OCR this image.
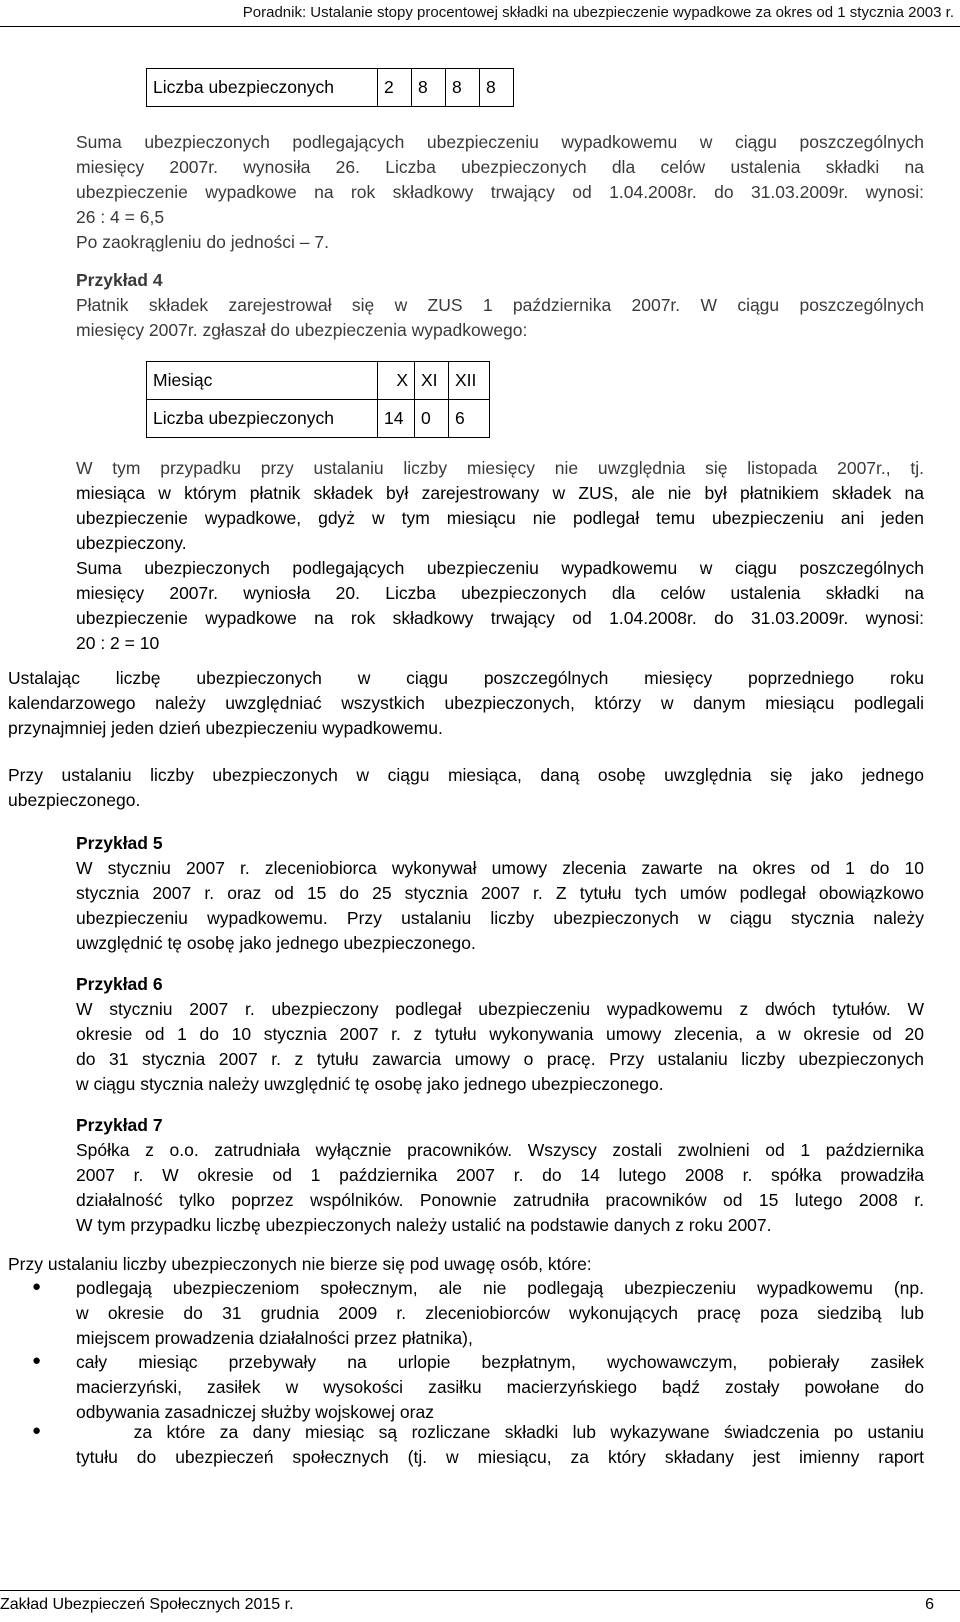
Poradnik: Ustalanie stopy procentowej składki na ubezpieczenie wypadkowe za okres od 1 stycznia 2003 r.
Liczba ubezpieczonych	2	8	8	8
Suma ubezpieczonych podlegających ubezpieczeniu wypadkowemu w ciągu poszczególnych
miesięcy 2007r. wynosiła 26. Liczba ubezpieczonych dla celów ustalenia składki na
ubezpieczenie wypadkowe na rok składkowy trwający od 1.04.2008r. do 31.03.2009r. wynosi:
26 : 4 = 6,5
Po zaokrągleniu do jedności – 7.
Przykład 4
Płatnik składek zarejestrował się w ZUS 1 października 2007r. W ciągu poszczególnych
miesięcy 2007r. zgłaszał do ubezpieczenia wypadkowego:
Miesiąc	X	XI	XII
Liczba ubezpieczonych	14	0	6
W tym przypadku przy ustalaniu liczby miesięcy nie uwzględnia się listopada 2007r., tj.
miesiąca w którym płatnik składek był zarejestrowany w ZUS, ale nie był płatnikiem składek na
ubezpieczenie wypadkowe, gdyż w tym miesiącu nie podlegał temu ubezpieczeniu ani jeden
ubezpieczony.
Suma ubezpieczonych podlegających ubezpieczeniu wypadkowemu w ciągu poszczególnych
miesięcy 2007r. wyniosła 20. Liczba ubezpieczonych dla celów ustalenia składki na
ubezpieczenie wypadkowe na rok składkowy trwający od 1.04.2008r. do 31.03.2009r. wynosi:
20 : 2 = 10
Ustalając liczbę ubezpieczonych w ciągu poszczególnych miesięcy poprzedniego roku
kalendarzowego należy uwzględniać wszystkich ubezpieczonych, którzy w danym miesiącu podlegali
przynajmniej jeden dzień ubezpieczeniu wypadkowemu.
Przy ustalaniu liczby ubezpieczonych w ciągu miesiąca, daną osobę uwzględnia się jako jednego
ubezpieczonego.
Przykład 5
W styczniu 2007 r. zleceniobiorca wykonywał umowy zlecenia zawarte na okres od 1 do 10
stycznia 2007 r. oraz od 15 do 25 stycznia 2007 r. Z tytułu tych umów podlegał obowiązkowo
ubezpieczeniu wypadkowemu. Przy ustalaniu liczby ubezpieczonych w ciągu stycznia należy
uwzględnić tę osobę jako jednego ubezpieczonego.
Przykład 6
W styczniu 2007 r. ubezpieczony podlegał ubezpieczeniu wypadkowemu z dwóch tytułów. W
okresie od 1 do 10 stycznia 2007 r. z tytułu wykonywania umowy zlecenia, a w okresie od 20
do 31 stycznia 2007 r. z tytułu zawarcia umowy o pracę. Przy ustalaniu liczby ubezpieczonych
w ciągu stycznia należy uwzględnić tę osobę jako jednego ubezpieczonego.
Przykład 7
Spółka z o.o. zatrudniała wyłącznie pracowników. Wszyscy zostali zwolnieni od 1 października
2007 r. W okresie od 1 października 2007 r. do 14 lutego 2008 r. spółka prowadziła
działalność tylko poprzez wspólników. Ponownie zatrudniła pracowników od 15 lutego 2008 r.
W tym przypadku liczbę ubezpieczonych należy ustalić na podstawie danych z roku 2007.
Przy ustalaniu liczby ubezpieczonych nie bierze się pod uwagę osób, które:
● podlegają ubezpieczeniom społecznym, ale nie podlegają ubezpieczeniu wypadkowemu (np.
w okresie do 31 grudnia 2009 r. zleceniobiorców wykonujących pracę poza siedzibą lub
miejscem prowadzenia działalności przez płatnika),
● cały miesiąc przebywały na urlopie bezpłatnym, wychowawczym, pobierały zasiłek
macierzyński, zasiłek w wysokości zasiłku macierzyńskiego bądź zostały powołane do
odbywania zasadniczej służby wojskowej oraz
● za które za dany miesiąc są rozliczane składki lub wykazywane świadczenia po ustaniu
tytułu do ubezpieczeń społecznych (tj. w miesiącu, za który składany jest imienny raport
Zakład Ubezpieczeń Społecznych 2015 r.	6
